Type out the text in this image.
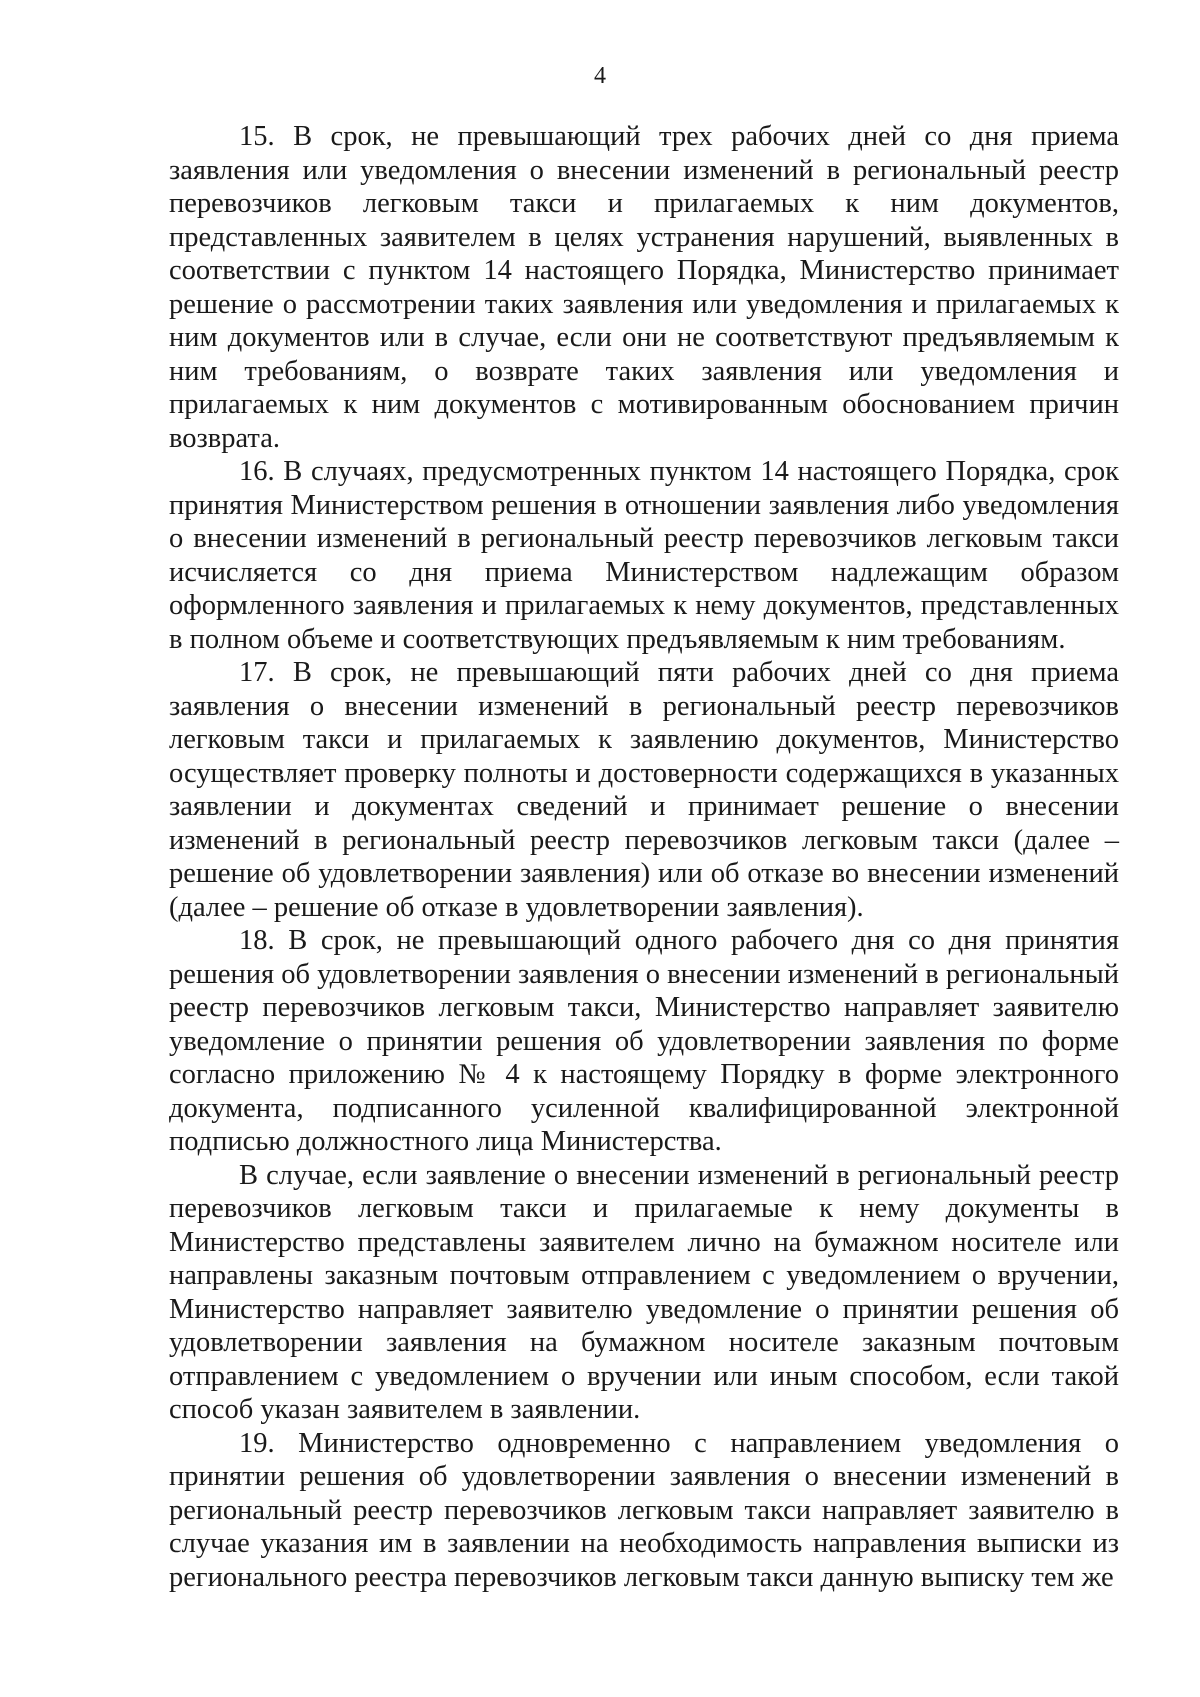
4

15. В срок, не превышающий трех рабочих дней со дня приема заявления или уведомления о внесении изменений в региональный реестр перевозчиков легковым такси и прилагаемых к ним документов, представленных заявителем в целях устранения нарушений, выявленных в соответствии с пунктом 14 настоящего Порядка, Министерство принимает решение о рассмотрении таких заявления или уведомления и прилагаемых к ним документов или в случае, если они не соответствуют предъявляемым к ним требованиям, о возврате таких заявления или уведомления и прилагаемых к ним документов с мотивированным обоснованием причин возврата.

16. В случаях, предусмотренных пунктом 14 настоящего Порядка, срок принятия Министерством решения в отношении заявления либо уведомления о внесении изменений в региональный реестр перевозчиков легковым такси исчисляется со дня приема Министерством надлежащим образом оформленного заявления и прилагаемых к нему документов, представленных в полном объеме и соответствующих предъявляемым к ним требованиям.

17. В срок, не превышающий пяти рабочих дней со дня приема заявления о внесении изменений в региональный реестр перевозчиков легковым такси и прилагаемых к заявлению документов, Министерство осуществляет проверку полноты и достоверности содержащихся в указанных заявлении и документах сведений и принимает решение о внесении изменений в региональный реестр перевозчиков легковым такси (далее – решение об удовлетворении заявления) или об отказе во внесении изменений (далее – решение об отказе в удовлетворении заявления).

18. В срок, не превышающий одного рабочего дня со дня принятия решения об удовлетворении заявления о внесении изменений в региональный реестр перевозчиков легковым такси, Министерство направляет заявителю уведомление о принятии решения об удовлетворении заявления по форме согласно приложению № 4 к настоящему Порядку в форме электронного документа, подписанного усиленной квалифицированной электронной подписью должностного лица Министерства.

В случае, если заявление о внесении изменений в региональный реестр перевозчиков легковым такси и прилагаемые к нему документы в Министерство представлены заявителем лично на бумажном носителе или направлены заказным почтовым отправлением с уведомлением о вручении, Министерство направляет заявителю уведомление о принятии решения об удовлетворении заявления на бумажном носителе заказным почтовым отправлением с уведомлением о вручении или иным способом, если такой способ указан заявителем в заявлении.

19. Министерство одновременно с направлением уведомления о принятии решения об удовлетворении заявления о внесении изменений в региональный реестр перевозчиков легковым такси направляет заявителю в случае указания им в заявлении на необходимость направления выписки из регионального реестра перевозчиков легковым такси данную выписку тем же
